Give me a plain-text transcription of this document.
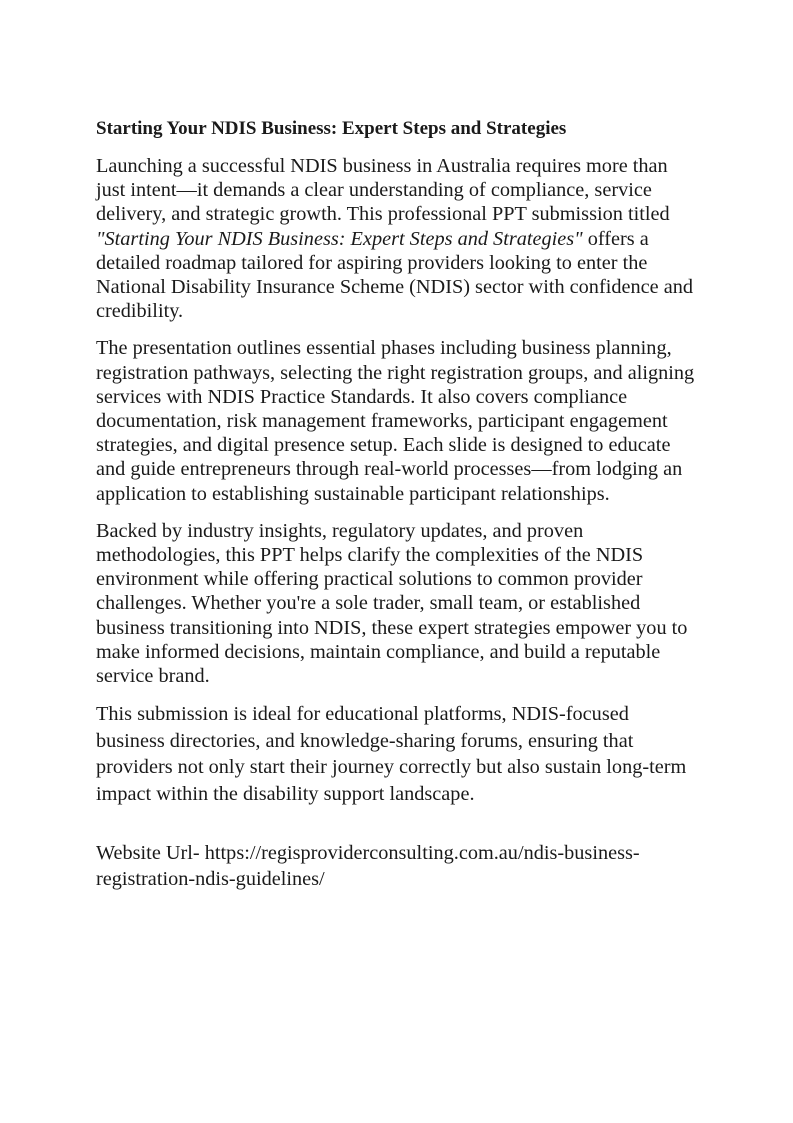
Starting Your NDIS Business: Expert Steps and Strategies

Launching a successful NDIS business in Australia requires more than just intent—it demands a clear understanding of compliance, service delivery, and strategic growth. This professional PPT submission titled "Starting Your NDIS Business: Expert Steps and Strategies" offers a detailed roadmap tailored for aspiring providers looking to enter the National Disability Insurance Scheme (NDIS) sector with confidence and credibility.

The presentation outlines essential phases including business planning, registration pathways, selecting the right registration groups, and aligning services with NDIS Practice Standards. It also covers compliance documentation, risk management frameworks, participant engagement strategies, and digital presence setup. Each slide is designed to educate and guide entrepreneurs through real-world processes—from lodging an application to establishing sustainable participant relationships.

Backed by industry insights, regulatory updates, and proven methodologies, this PPT helps clarify the complexities of the NDIS environment while offering practical solutions to common provider challenges. Whether you're a sole trader, small team, or established business transitioning into NDIS, these expert strategies empower you to make informed decisions, maintain compliance, and build a reputable service brand.

This submission is ideal for educational platforms, NDIS-focused business directories, and knowledge-sharing forums, ensuring that providers not only start their journey correctly but also sustain long-term impact within the disability support landscape.

Website Url- https://regisproviderconsulting.com.au/ndis-business-registration-ndis-guidelines/
